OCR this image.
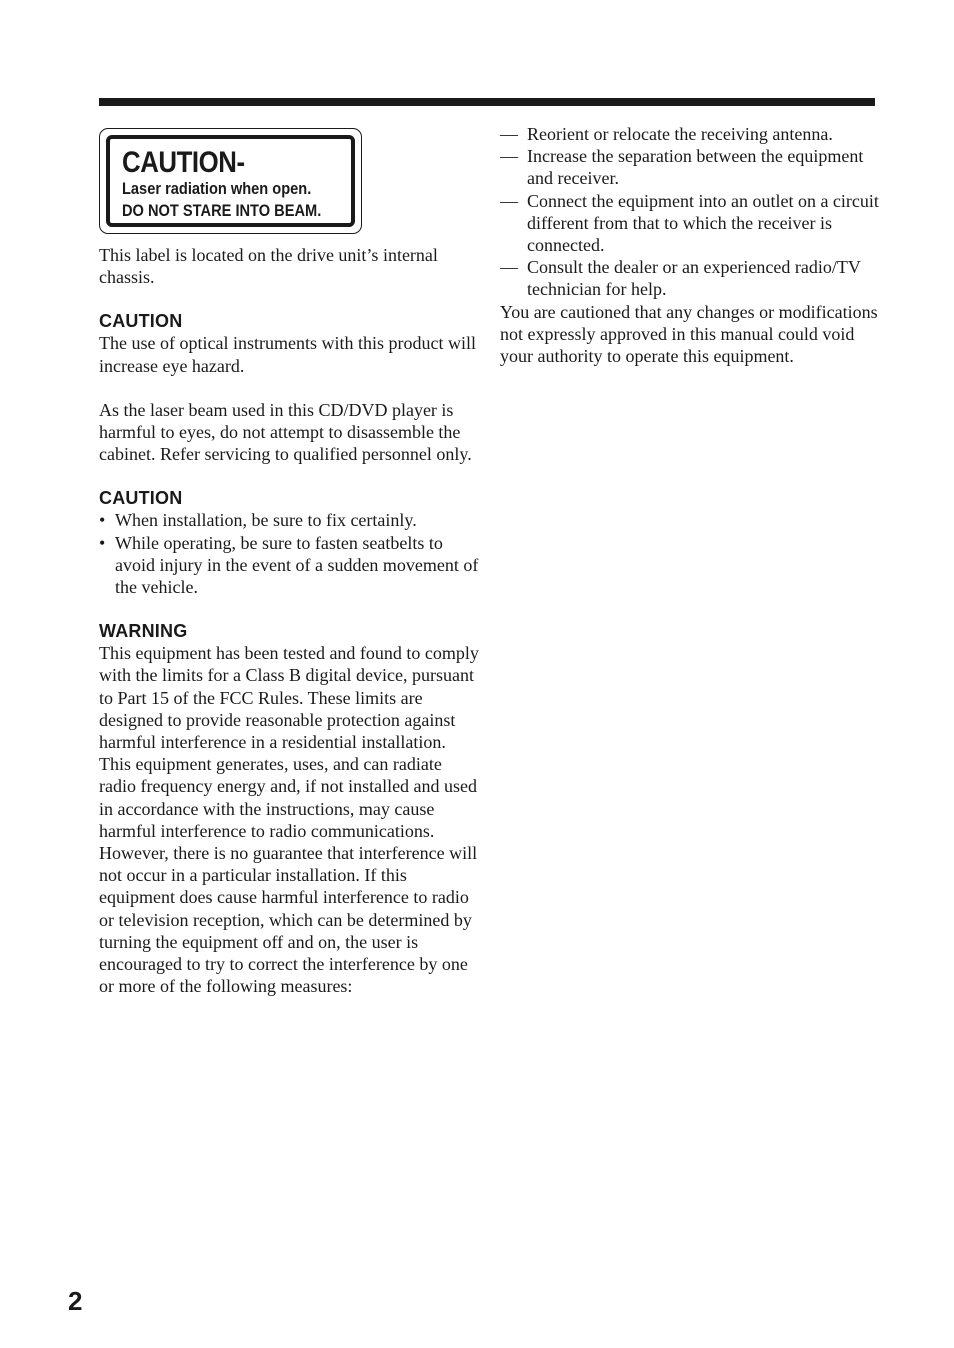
CAUTION-
Laser radiation when open.
DO NOT STARE INTO BEAM.

This label is located on the drive unit’s internal chassis.

CAUTION

The use of optical instruments with this product will increase eye hazard.

As the laser beam used in this CD/DVD player is harmful to eyes, do not attempt to disassemble the cabinet. Refer servicing to qualified personnel only.

CAUTION
• When installation, be sure to fix certainly.
• While operating, be sure to fasten seatbelts to avoid injury in the event of a sudden movement of the vehicle.
WARNING

This equipment has been tested and found to comply with the limits for a Class B digital device, pursuant to Part 15 of the FCC Rules. These limits are designed to provide reasonable protection against harmful interference in a residential installation. This equipment generates, uses, and can radiate radio frequency energy and, if not installed and used in accordance with the instructions, may cause harmful interference to radio communications. However, there is no guarantee that interference will not occur in a particular installation. If this equipment does cause harmful interference to radio or television reception, which can be determined by turning the equipment off and on, the user is encouraged to try to correct the interference by one or more of the following measures:

— Reorient or relocate the receiving antenna.
— Increase the separation between the equipment and receiver.
— Connect the equipment into an outlet on a circuit different from that to which the receiver is connected.
— Consult the dealer or an experienced radio/TV technician for help.

You are cautioned that any changes or modifications not expressly approved in this manual could void your authority to operate this equipment.

2
